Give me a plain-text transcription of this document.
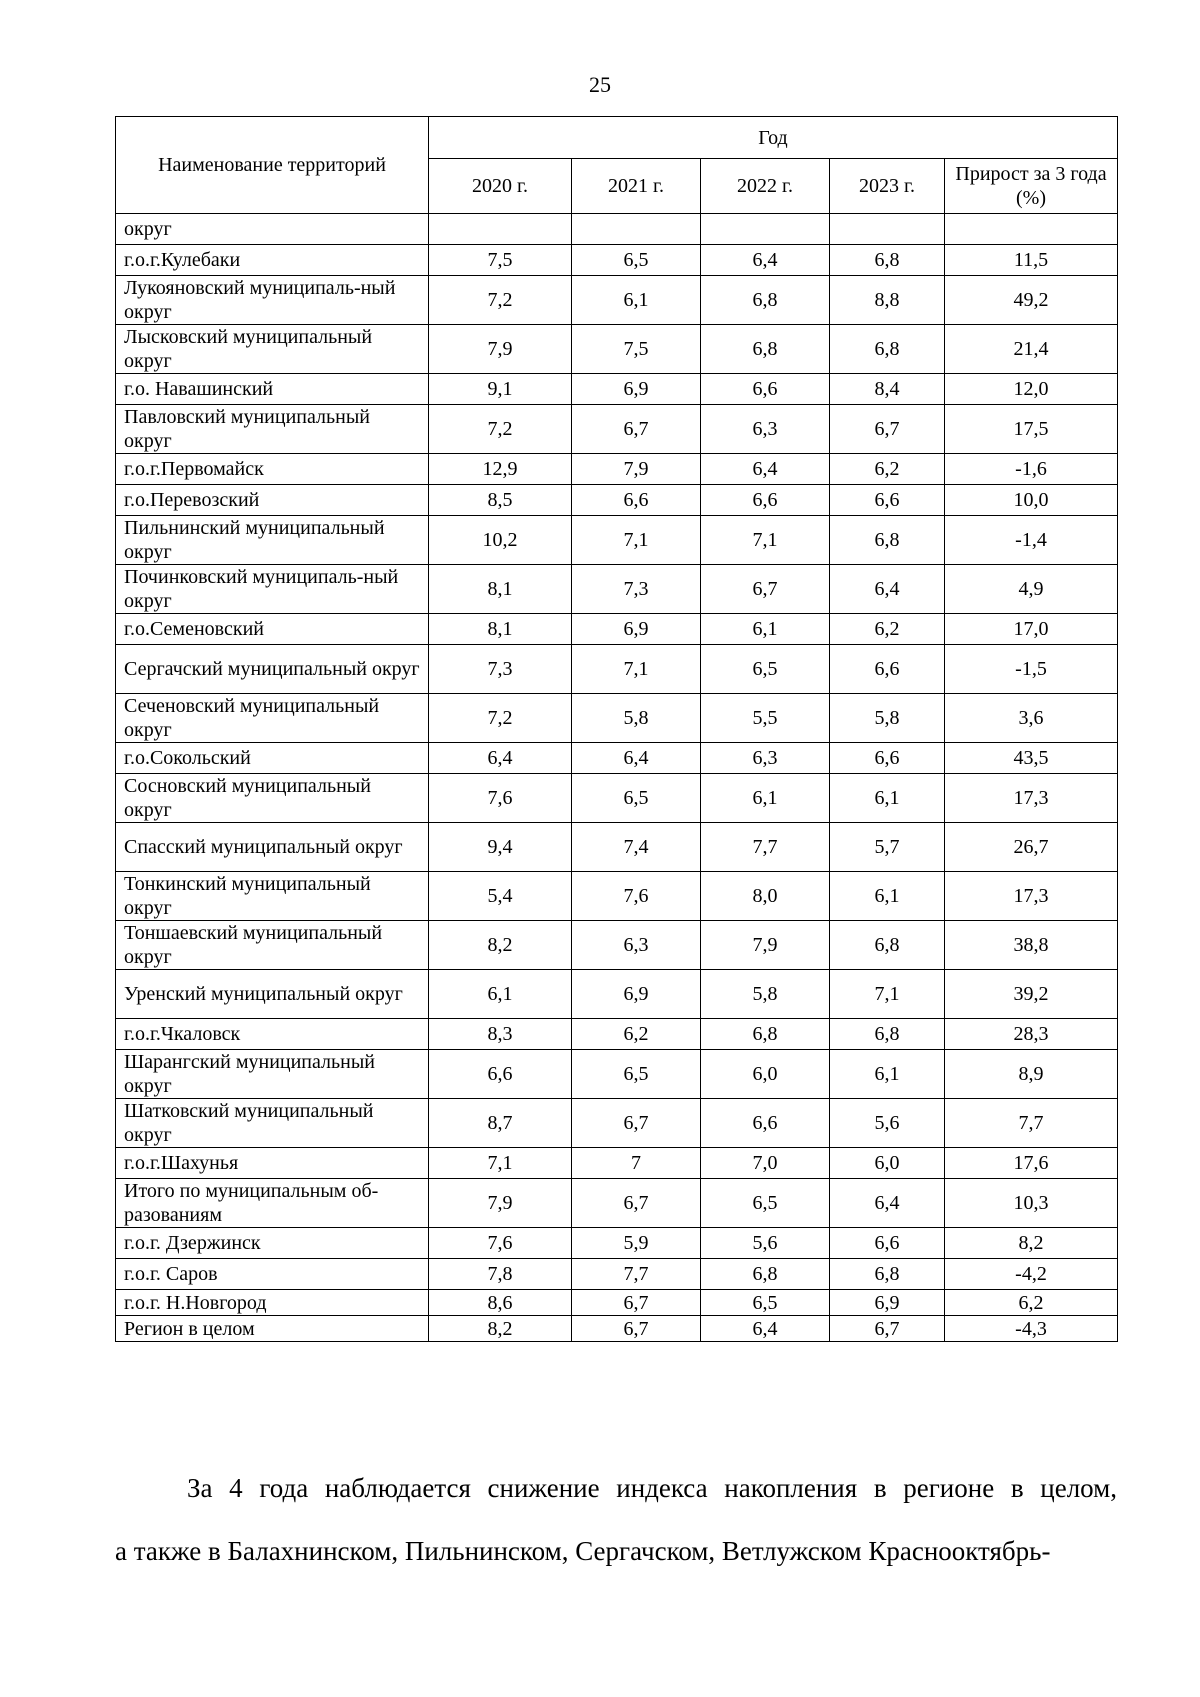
25
Наименование территорий	Год				
	2020 г.	2021 г.	2022 г.	2023 г.	Прирост за 3 года (%)
округ					
г.о.г.Кулебаки	7,5	6,5	6,4	6,8	11,5
Лукояновский муниципаль-ный округ	7,2	6,1	6,8	8,8	49,2
Лысковский муниципальный округ	7,9	7,5	6,8	6,8	21,4
г.о. Навашинский	9,1	6,9	6,6	8,4	12,0
Павловский муниципальный округ	7,2	6,7	6,3	6,7	17,5
г.о.г.Первомайск	12,9	7,9	6,4	6,2	-1,6
г.о.Перевозский	8,5	6,6	6,6	6,6	10,0
Пильнинский муниципальный округ	10,2	7,1	7,1	6,8	-1,4
Починковский муниципаль-ный округ	8,1	7,3	6,7	6,4	4,9
г.о.Семеновский	8,1	6,9	6,1	6,2	17,0
Сергачский муниципальный округ	7,3	7,1	6,5	6,6	-1,5
Сеченовский муниципальный округ	7,2	5,8	5,5	5,8	3,6
г.о.Сокольский	6,4	6,4	6,3	6,6	43,5
Сосновский муниципальный округ	7,6	6,5	6,1	6,1	17,3
Спасский муниципальный округ	9,4	7,4	7,7	5,7	26,7
Тонкинский муниципальный округ	5,4	7,6	8,0	6,1	17,3
Тоншаевский муниципальный округ	8,2	6,3	7,9	6,8	38,8
Уренский муниципальный округ	6,1	6,9	5,8	7,1	39,2
г.о.г.Чкаловск	8,3	6,2	6,8	6,8	28,3
Шарангский муниципальный округ	6,6	6,5	6,0	6,1	8,9
Шатковский муниципальный округ	8,7	6,7	6,6	5,6	7,7
г.о.г.Шахунья	7,1	7	7,0	6,0	17,6
Итого по муниципальным об-разованиям	7,9	6,7	6,5	6,4	10,3
г.о.г. Дзержинск	7,6	5,9	5,6	6,6	8,2
г.о.г. Саров	7,8	7,7	6,8	6,8	-4,2
г.о.г. Н.Новгород	8,6	6,7	6,5	6,9	6,2
Регион в целом	8,2	6,7	6,4	6,7	-4,3

За 4 года наблюдается снижение индекса накопления в регионе в целом,

а также в Балахнинском, Пильнинском, Сергачском, Ветлужском Краснооктябрь-
